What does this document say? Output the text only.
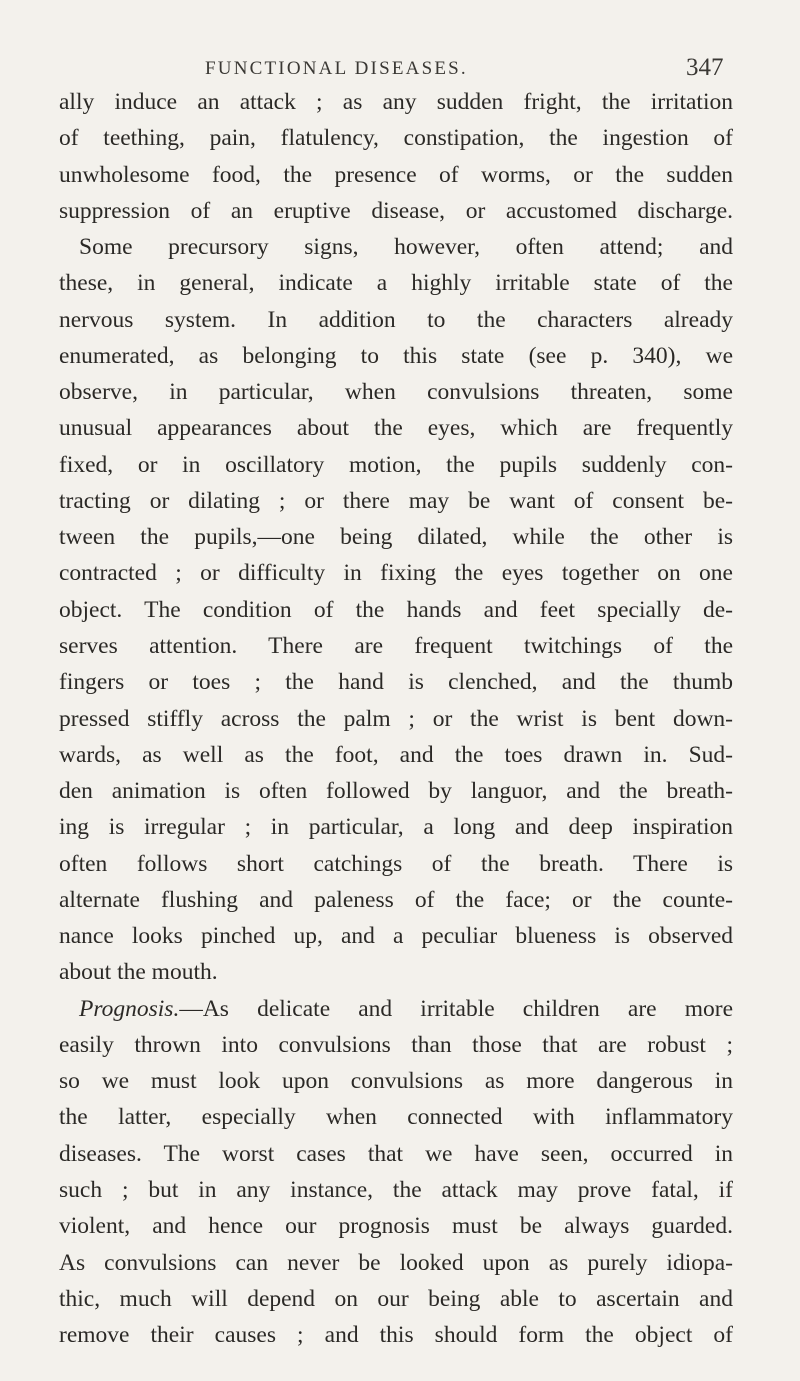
FUNCTIONAL DISEASES.	347
ally induce an attack ; as any sudden fright, the irritation
of teething, pain, flatulency, constipation, the ingestion of
unwholesome food, the presence of worms, or the sudden
suppression of an eruptive disease, or accustomed discharge.
Some precursory signs, however, often attend; and
these, in general, indicate a highly irritable state of the
nervous system. In addition to the characters already
enumerated, as belonging to this state (see p. 340), we
observe, in particular, when convulsions threaten, some
unusual appearances about the eyes, which are frequently
fixed, or in oscillatory motion, the pupils suddenly con-
tracting or dilating ; or there may be want of consent be-
tween the pupils,—one being dilated, while the other is
contracted ; or difficulty in fixing the eyes together on one
object. The condition of the hands and feet specially de-
serves attention. There are frequent twitchings of the
fingers or toes ; the hand is clenched, and the thumb
pressed stiffly across the palm ; or the wrist is bent down-
wards, as well as the foot, and the toes drawn in. Sud-
den animation is often followed by languor, and the breath-
ing is irregular ; in particular, a long and deep inspiration
often follows short catchings of the breath. There is
alternate flushing and paleness of the face; or the counte-
nance looks pinched up, and a peculiar blueness is observed
about the mouth.
Prognosis.—As delicate and irritable children are more
easily thrown into convulsions than those that are robust ;
so we must look upon convulsions as more dangerous in
the latter, especially when connected with inflammatory
diseases. The worst cases that we have seen, occurred in
such ; but in any instance, the attack may prove fatal, if
violent, and hence our prognosis must be always guarded.
As convulsions can never be looked upon as purely idiopa-
thic, much will depend on our being able to ascertain and
remove their causes ; and this should form the object of
